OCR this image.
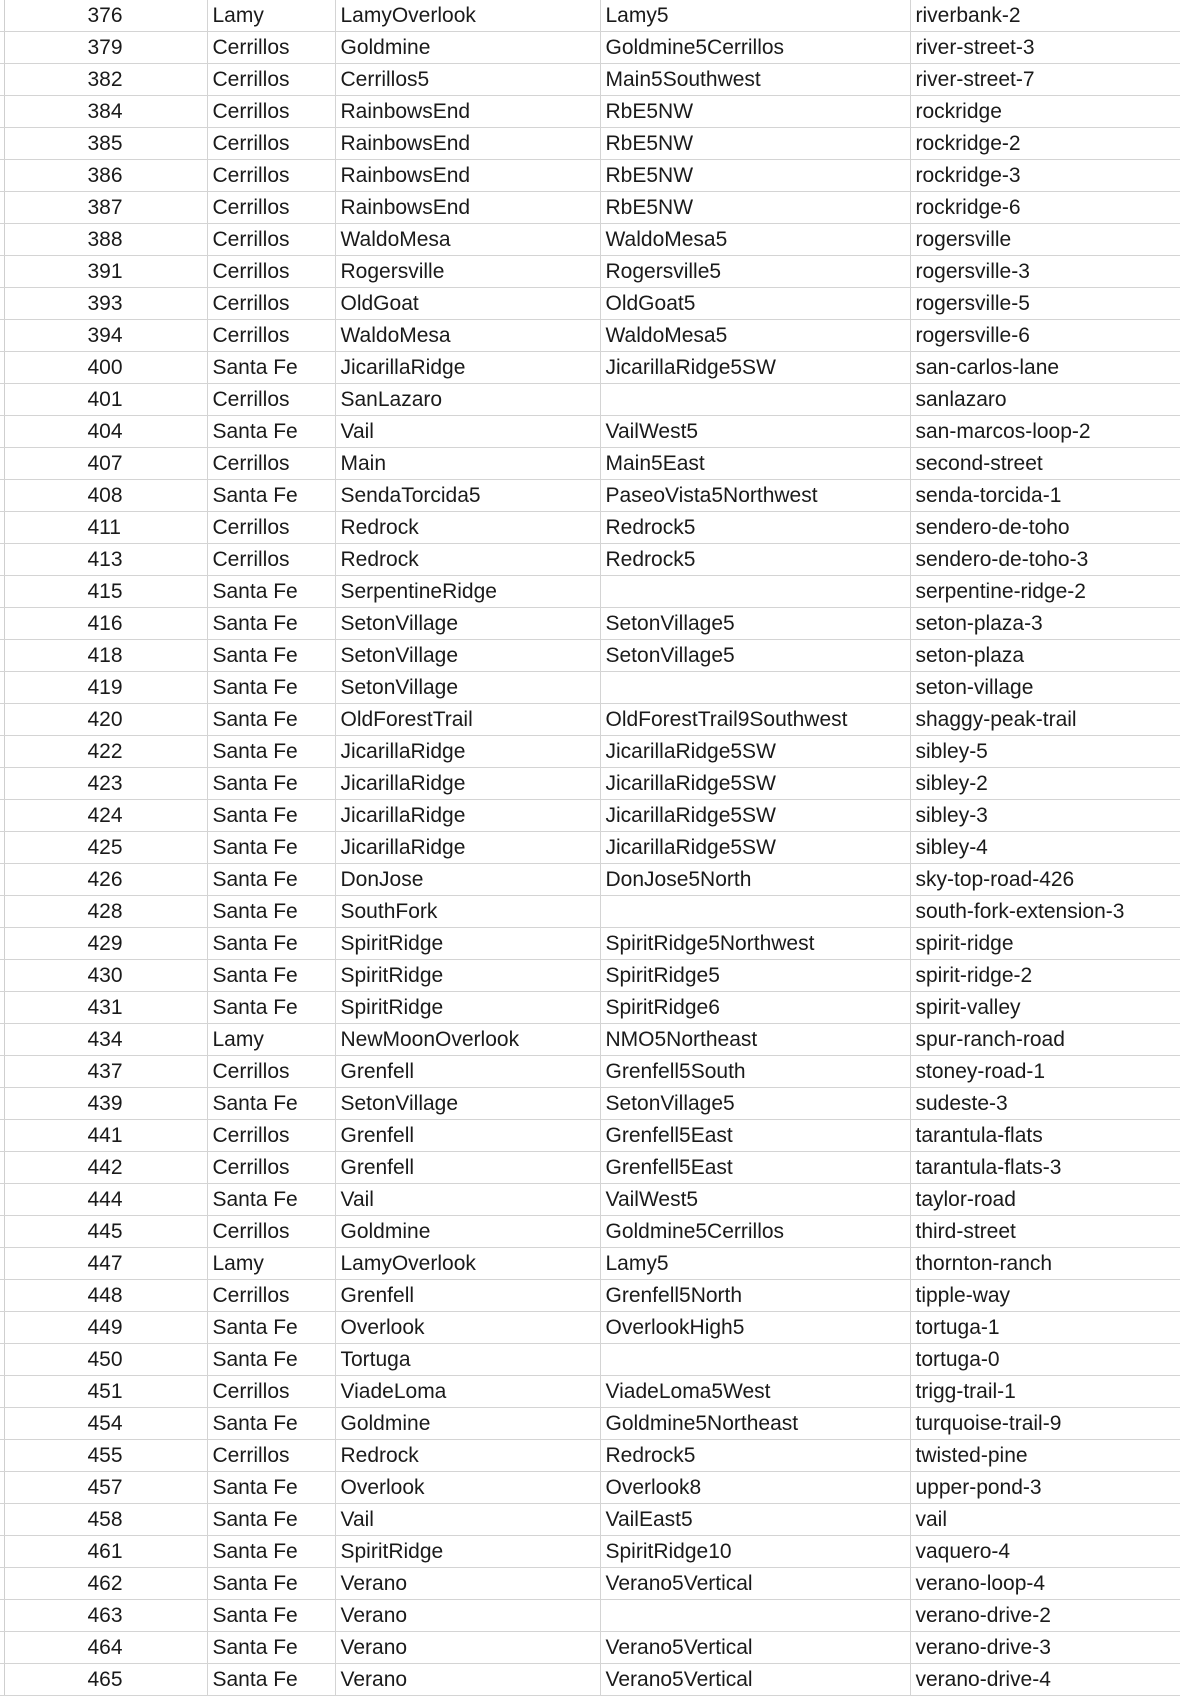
	376	Lamy	LamyOverlook	Lamy5	riverbank-2
	379	Cerrillos	Goldmine	Goldmine5Cerrillos	river-street-3
	382	Cerrillos	Cerrillos5	Main5Southwest	river-street-7
	384	Cerrillos	RainbowsEnd	RbE5NW	rockridge
	385	Cerrillos	RainbowsEnd	RbE5NW	rockridge-2
	386	Cerrillos	RainbowsEnd	RbE5NW	rockridge-3
	387	Cerrillos	RainbowsEnd	RbE5NW	rockridge-6
	388	Cerrillos	WaldoMesa	WaldoMesa5	rogersville
	391	Cerrillos	Rogersville	Rogersville5	rogersville-3
	393	Cerrillos	OldGoat	OldGoat5	rogersville-5
	394	Cerrillos	WaldoMesa	WaldoMesa5	rogersville-6
	400	Santa Fe	JicarillaRidge	JicarillaRidge5SW	san-carlos-lane
	401	Cerrillos	SanLazaro		sanlazaro
	404	Santa Fe	Vail	VailWest5	san-marcos-loop-2
	407	Cerrillos	Main	Main5East	second-street
	408	Santa Fe	SendaTorcida5	PaseoVista5Northwest	senda-torcida-1
	411	Cerrillos	Redrock	Redrock5	sendero-de-toho
	413	Cerrillos	Redrock	Redrock5	sendero-de-toho-3
	415	Santa Fe	SerpentineRidge		serpentine-ridge-2
	416	Santa Fe	SetonVillage	SetonVillage5	seton-plaza-3
	418	Santa Fe	SetonVillage	SetonVillage5	seton-plaza
	419	Santa Fe	SetonVillage		seton-village
	420	Santa Fe	OldForestTrail	OldForestTrail9Southwest	shaggy-peak-trail
	422	Santa Fe	JicarillaRidge	JicarillaRidge5SW	sibley-5
	423	Santa Fe	JicarillaRidge	JicarillaRidge5SW	sibley-2
	424	Santa Fe	JicarillaRidge	JicarillaRidge5SW	sibley-3
	425	Santa Fe	JicarillaRidge	JicarillaRidge5SW	sibley-4
	426	Santa Fe	DonJose	DonJose5North	sky-top-road-426
	428	Santa Fe	SouthFork		south-fork-extension-3
	429	Santa Fe	SpiritRidge	SpiritRidge5Northwest	spirit-ridge
	430	Santa Fe	SpiritRidge	SpiritRidge5	spirit-ridge-2
	431	Santa Fe	SpiritRidge	SpiritRidge6	spirit-valley
	434	Lamy	NewMoonOverlook	NMO5Northeast	spur-ranch-road
	437	Cerrillos	Grenfell	Grenfell5South	stoney-road-1
	439	Santa Fe	SetonVillage	SetonVillage5	sudeste-3
	441	Cerrillos	Grenfell	Grenfell5East	tarantula-flats
	442	Cerrillos	Grenfell	Grenfell5East	tarantula-flats-3
	444	Santa Fe	Vail	VailWest5	taylor-road
	445	Cerrillos	Goldmine	Goldmine5Cerrillos	third-street
	447	Lamy	LamyOverlook	Lamy5	thornton-ranch
	448	Cerrillos	Grenfell	Grenfell5North	tipple-way
	449	Santa Fe	Overlook	OverlookHigh5	tortuga-1
	450	Santa Fe	Tortuga		tortuga-0
	451	Cerrillos	ViadeLoma	ViadeLoma5West	trigg-trail-1
	454	Santa Fe	Goldmine	Goldmine5Northeast	turquoise-trail-9
	455	Cerrillos	Redrock	Redrock5	twisted-pine
	457	Santa Fe	Overlook	Overlook8	upper-pond-3
	458	Santa Fe	Vail	VailEast5	vail
	461	Santa Fe	SpiritRidge	SpiritRidge10	vaquero-4
	462	Santa Fe	Verano	Verano5Vertical	verano-loop-4
	463	Santa Fe	Verano		verano-drive-2
	464	Santa Fe	Verano	Verano5Vertical	verano-drive-3
	465	Santa Fe	Verano	Verano5Vertical	verano-drive-4
